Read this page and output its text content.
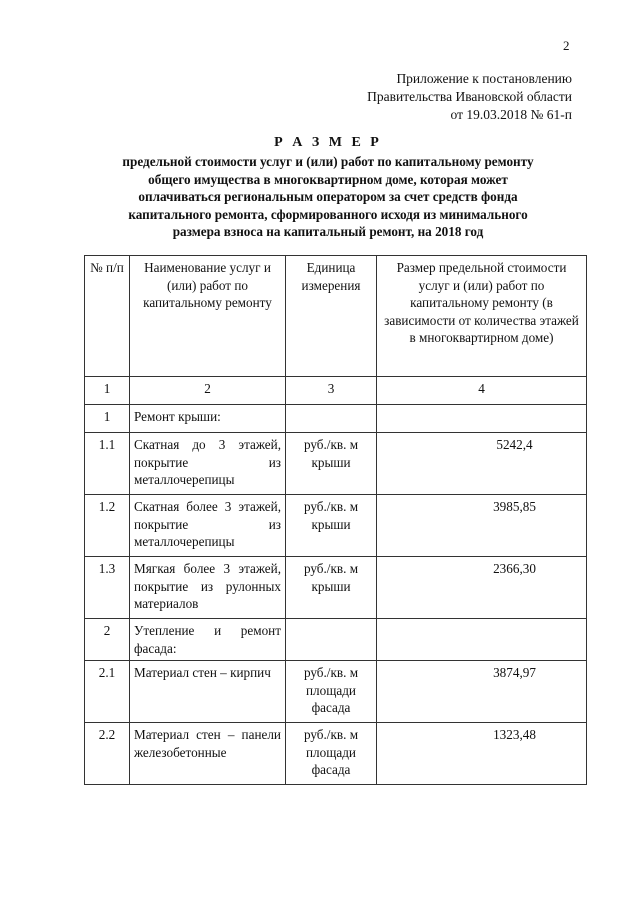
2
Приложение к постановлению
Правительства Ивановской области
от 19.03.2018 № 61-п
Р А З М Е Р
предельной стоимости услуг и (или) работ по капитальному ремонту
общего имущества в многоквартирном доме, которая может
оплачиваться региональным оператором за счет средств фонда
капитального ремонта, сформированного исходя из минимального
размера взноса на капитальный ремонт, на 2018 год
№ п/п	Наименование услуг и (или) работ по капитальному ремонту	Единица измерения	Размер предельной стоимости услуг и (или) работ по капитальному ремонту (в зависимости от количества этажей в многоквартирном доме)
1	2	3	4
1	Ремонт крыши:		
1.1	Скатная до 3 этажей, покрытие из металлочерепицы	руб./кв. м крыши	5242,4
1.2	Скатная более 3 этажей, покрытие из металлочерепицы	руб./кв. м крыши	3985,85
1.3	Мягкая более 3 этажей, покрытие из рулонных материалов	руб./кв. м крыши	2366,30
2	Утепление и ремонт фасада:		
2.1	Материал стен – кирпич	руб./кв. м площади фасада	3874,97
2.2	Материал стен – панели железобетонные	руб./кв. м площади фасада	1323,48
